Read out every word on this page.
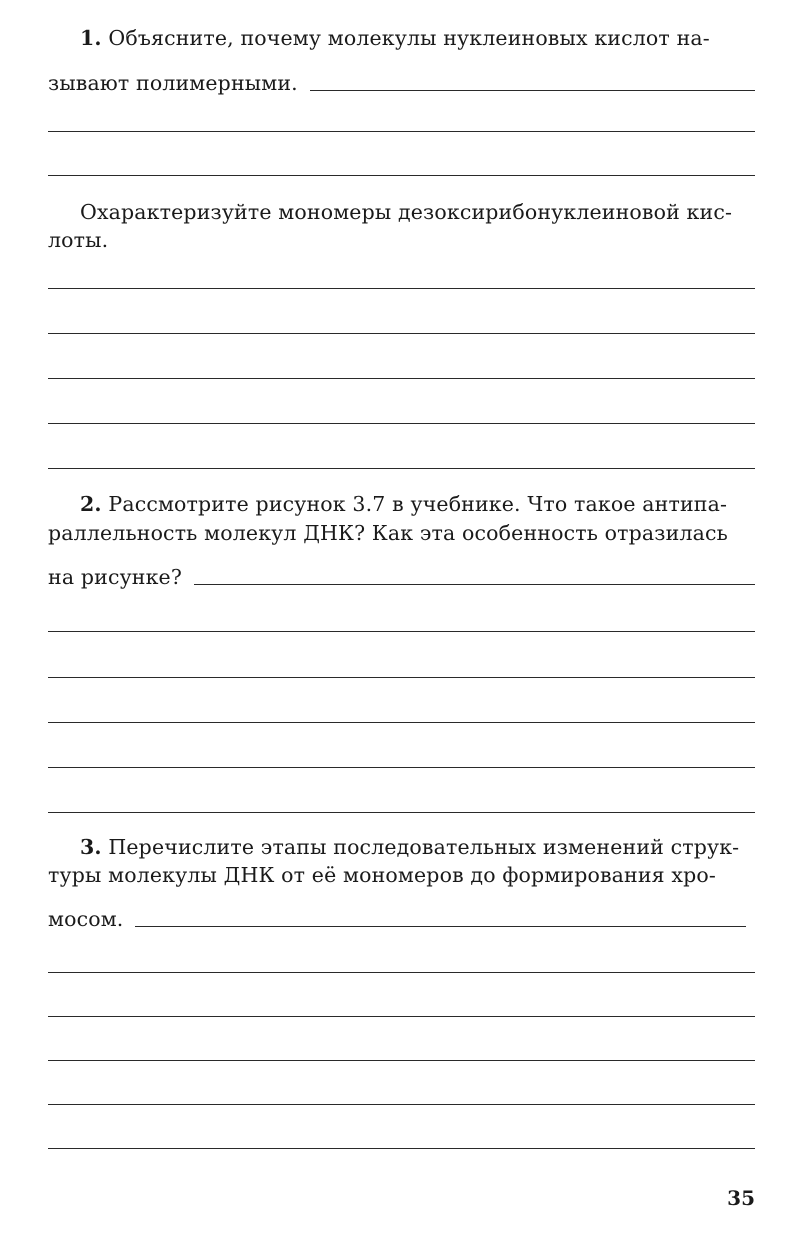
1. Объясните, почему молекулы нуклеиновых кислот на-
зывают полимерными.
Охарактеризуйте мономеры дезоксирибонуклеиновой кис-
лоты.
2. Рассмотрите рисунок 3.7 в учебнике. Что такое антипа-
раллельность молекул ДНК? Как эта особенность отразилась
на рисунке?
3. Перечислите этапы последовательных изменений струк-
туры молекулы ДНК от её мономеров до формирования хро-
мосом.
35
